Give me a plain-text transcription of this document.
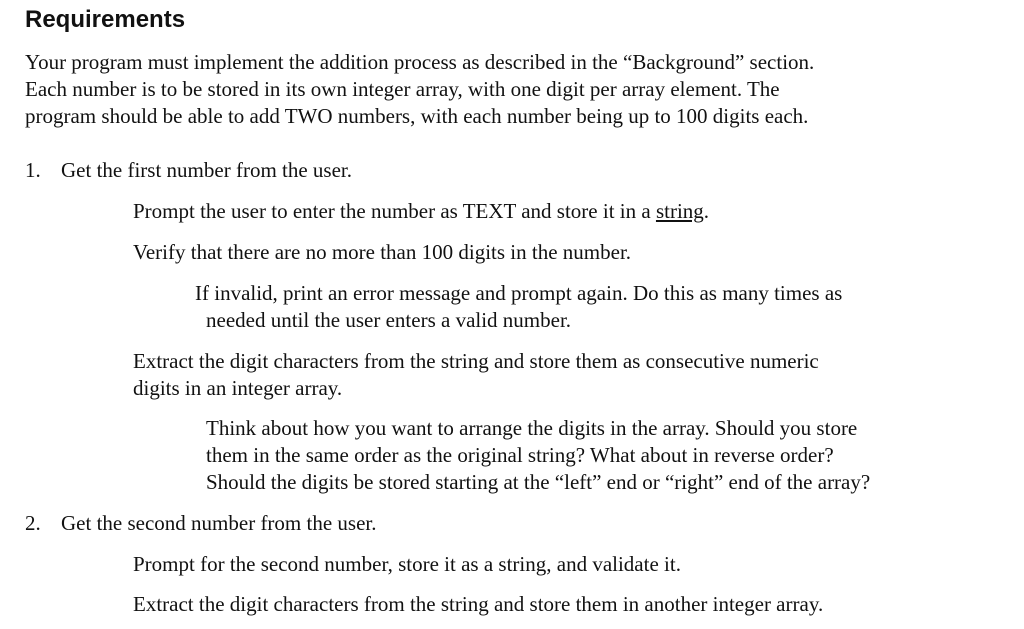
Requirements
Your program must implement the addition process as described in the “Background” section.
Each number is to be stored in its own integer array, with one digit per array element. The
program should be able to add TWO numbers, with each number being up to 100 digits each.
1. Get the first number from the user.
Prompt the user to enter the number as TEXT and store it in a string.
Verify that there are no more than 100 digits in the number.
If invalid, print an error message and prompt again. Do this as many times as
needed until the user enters a valid number.
Extract the digit characters from the string and store them as consecutive numeric
digits in an integer array.
Think about how you want to arrange the digits in the array. Should you store
them in the same order as the original string? What about in reverse order?
Should the digits be stored starting at the “left” end or “right” end of the array?
2. Get the second number from the user.
Prompt for the second number, store it as a string, and validate it.
Extract the digit characters from the string and store them in another integer array.
